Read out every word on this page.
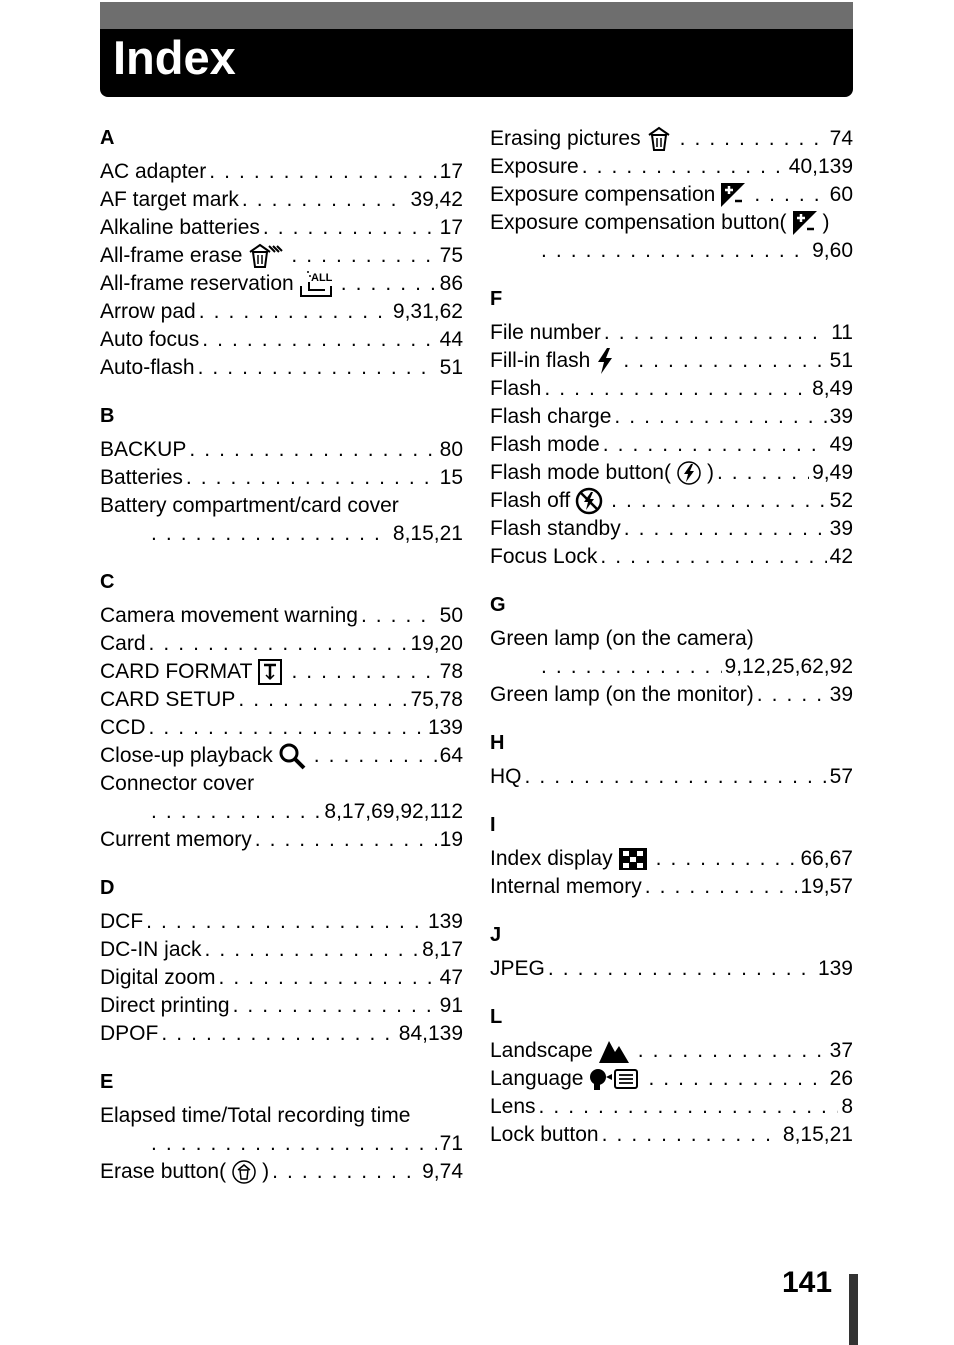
Index
A
AC adapter . . .	17
AF target mark . . .	39,42
Alkaline batteries . . .	17
All-frame erase . . .	75
All-frame reservation ALL . . .	86
Arrow pad . . .	9,31,62
Auto focus . . .	44
Auto-flash . . .	51
B
BACKUP . . .	80
Batteries . . .	15
Battery compartment/card cover
. . .
8,15,21
C
Camera movement warning . . .	50
Card . . .	19,20
CARD FORMAT . . .	78
CARD SETUP . . .	75,78
CCD . . .	139
Close-up playback . . .	64
Connector cover
. . .
8,17,69,92,112
Current memory . . .	19
D
DCF . . .	139
DC-IN jack . . .	8,17
Digital zoom . . .	47
Direct printing . . .	91
DPOF . . .	84,139
E
Elapsed time/Total recording time
. . .
71
Erase button ( ) . . .	9,74
Erasing pictures . . .	74
Exposure . . .	40,139
Exposure compensation . . .	60
Exposure compensation button ( )
. . .
9,60
F
File number . . .	11
Fill-in flash . . .	51
Flash . . .	8,49
Flash charge . . .	39
Flash mode . . .	49
Flash mode button ( ) . . .	9,49
Flash off . . .	52
Flash standby . . .	39
Focus Lock . . .	42
G
Green lamp (on the camera)
. . .
9,12,25,62,92
Green lamp (on the monitor) . . .	39
H
HQ . . .	57
I
Index display . . .	66,67
Internal memory . . .	19,57
J
JPEG . . .	139
L
Landscape . . .	37
Language . . .	26
Lens . . .	8
Lock button . . .	8,15,21
141
